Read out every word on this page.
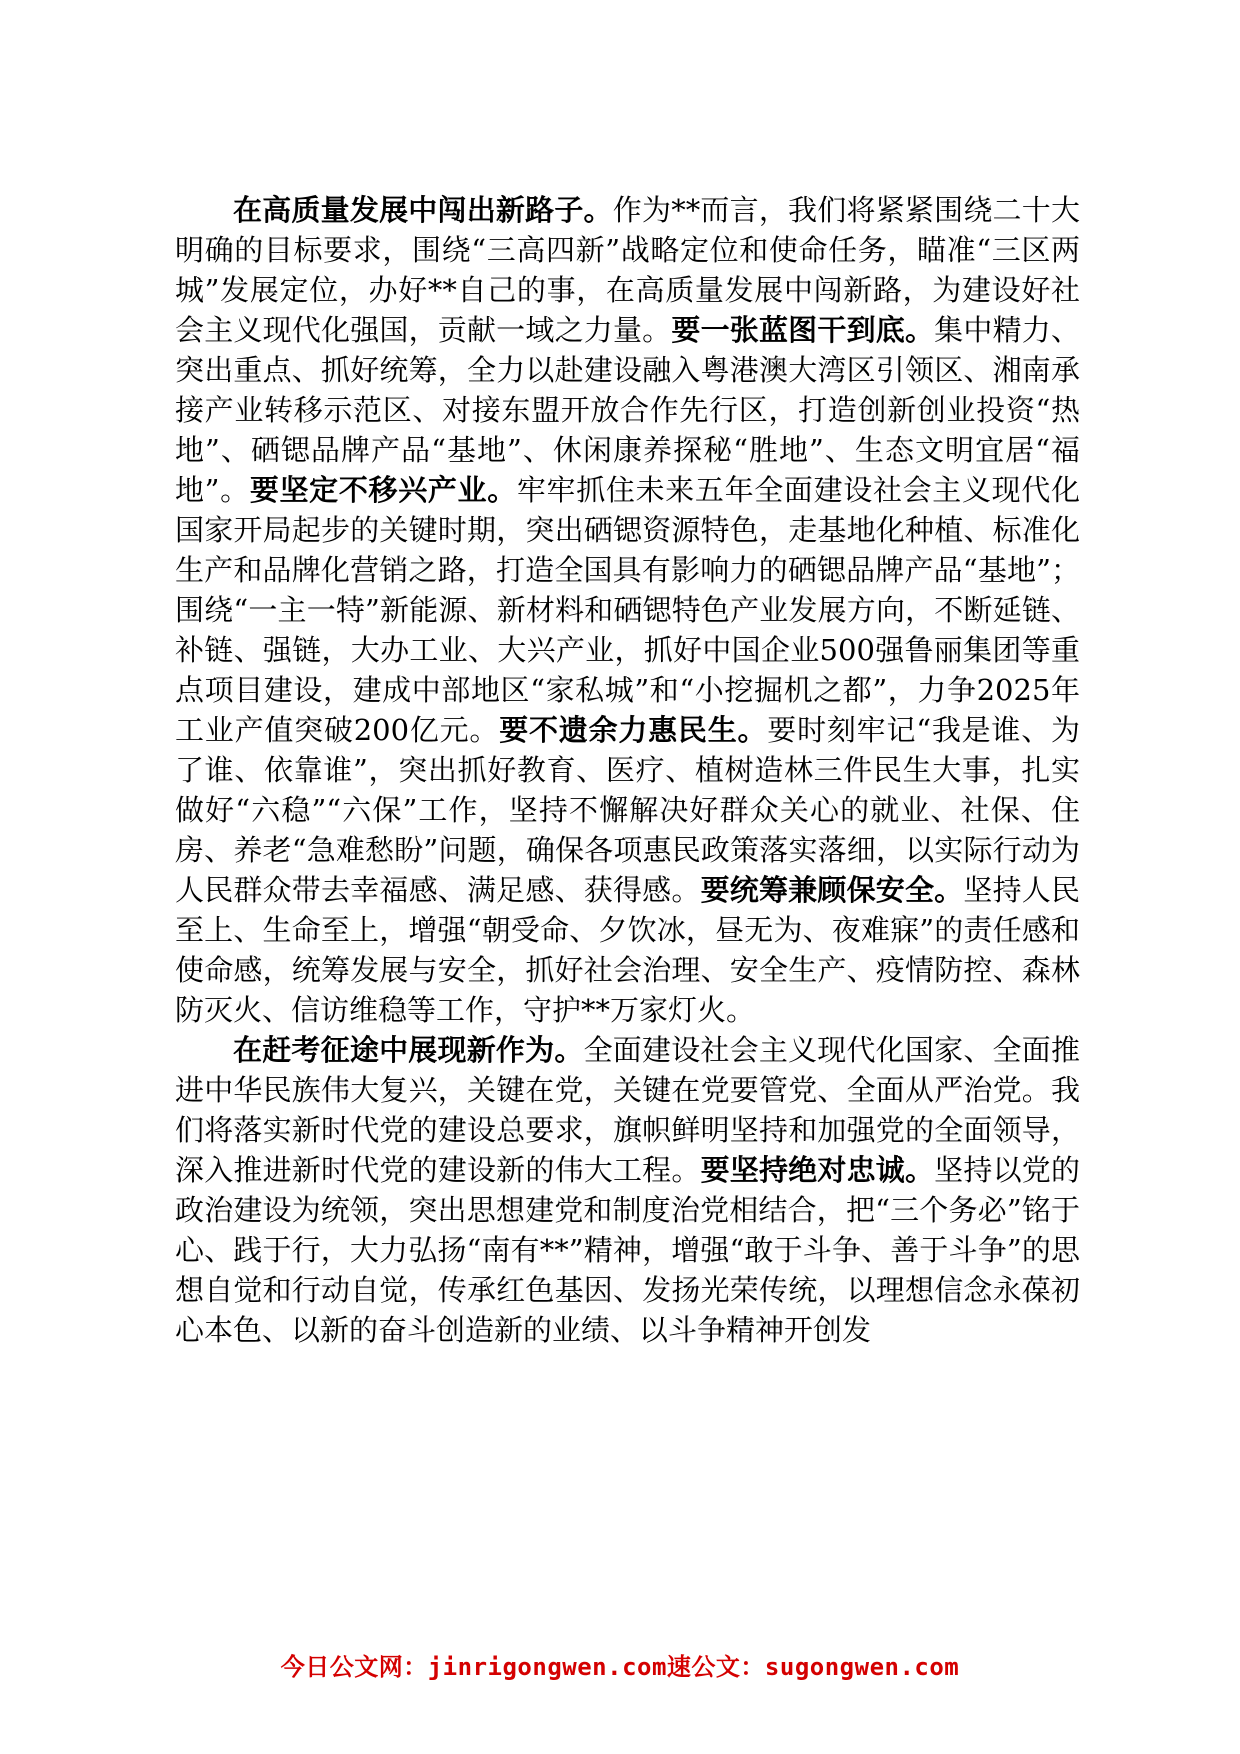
在高质量发展中闯出新路子。作为**而言，我们将紧紧围绕二十大明确的目标要求，围绕“三高四新”战略定位和使命任务，瞄准“三区两城”发展定位，办好**自己的事，在高质量发展中闯新路，为建设好社会主义现代化强国，贡献一域之力量。要一张蓝图干到底。集中精力、突出重点、抓好统筹，全力以赴建设融入粤港澳大湾区引领区、湘南承接产业转移示范区、对接东盟开放合作先行区，打造创新创业投资“热地”、硒锶品牌产品“基地”、休闲康养探秘“胜地”、生态文明宜居“福地”。要坚定不移兴产业。牢牢抓住未来五年全面建设社会主义现代化国家开局起步的关键时期，突出硒锶资源特色，走基地化种植、标准化生产和品牌化营销之路，打造全国具有影响力的硒锶品牌产品“基地”；围绕“一主一特”新能源、新材料和硒锶特色产业发展方向，不断延链、补链、强链，大办工业、大兴产业，抓好中国企业500强鲁丽集团等重点项目建设，建成中部地区“家私城”和“小挖掘机之都”，力争2025年工业产值突破200亿元。要不遗余力惠民生。要时刻牢记“我是谁、为了谁、依靠谁”，突出抓好教育、医疗、植树造林三件民生大事，扎实做好“六稳”“六保”工作，坚持不懈解决好群众关心的就业、社保、住房、养老“急难愁盼”问题，确保各项惠民政策落实落细，以实际行动为人民群众带去幸福感、满足感、获得感。要统筹兼顾保安全。坚持人民至上、生命至上，增强“朝受命、夕饮冰，昼无为、夜难寐”的责任感和使命感，统筹发展与安全，抓好社会治理、安全生产、疫情防控、森林防灭火、信访维稳等工作，守护**万家灯火。

在赶考征途中展现新作为。全面建设社会主义现代化国家、全面推进中华民族伟大复兴，关键在党，关键在党要管党、全面从严治党。我们将落实新时代党的建设总要求，旗帜鲜明坚持和加强党的全面领导，深入推进新时代党的建设新的伟大工程。要坚持绝对忠诚。坚持以党的政治建设为统领，突出思想建党和制度治党相结合，把“三个务必”铭于心、践于行，大力弘扬“南有**”精神，增强“敢于斗争、善于斗争”的思想自觉和行动自觉，传承红色基因、发扬光荣传统，以理想信念永葆初心本色、以新的奋斗创造新的业绩、以斗争精神开创发

今日公文网：jinrigongwen.com速公文：sugongwen.com
